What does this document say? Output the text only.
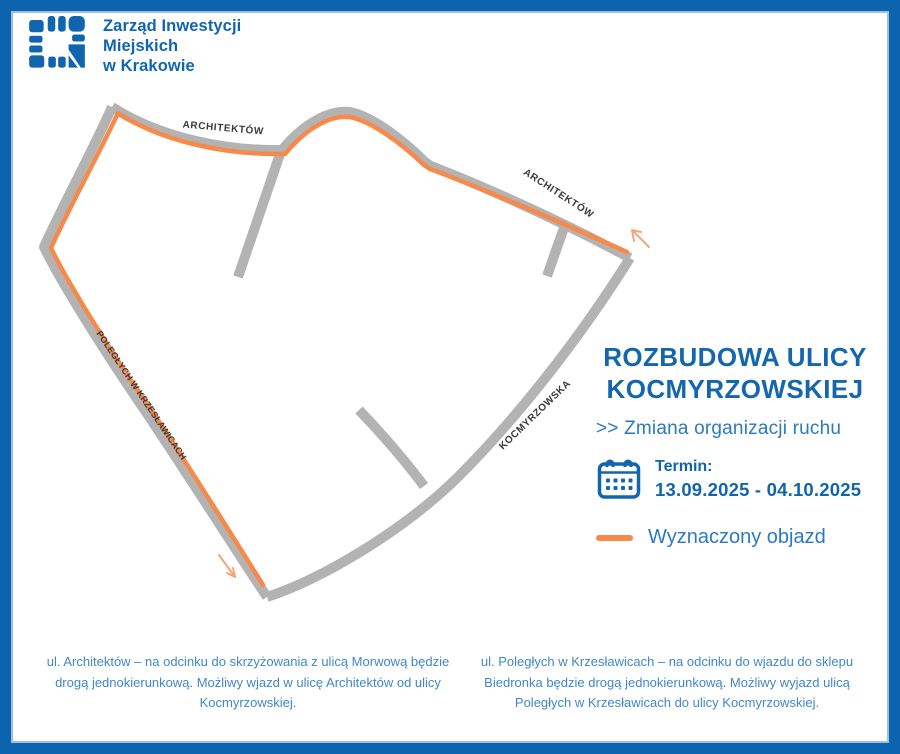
ARCHITEKTÓW
ARCHITEKTÓW
POLEGŁYCH W KRZESŁAWICACH	KOCMYRZOWSKA
Zarząd Inwestycji
Miejskich
w Krakowie
ROZBUDOWA ULICY
KOCMYRZOWSKIEJ
>> Zmiana organizacji ruchu
Termin:
13.09.2025 - 04.10.2025
Wyznaczony objazd
ul. Architektów – na odcinku do skrzyżowania z ulicą Morwową będzie drogą jednokierunkową. Możliwy wjazd w ulicę Architektów od ulicy Kocmyrzowskiej.
ul. Poległych w Krzesławicach – na odcinku do wjazdu do sklepu Biedronka będzie drogą jednokierunkową. Możliwy wyjazd ulicą Poległych w Krzesławicach do ulicy Kocmyrzowskiej.
